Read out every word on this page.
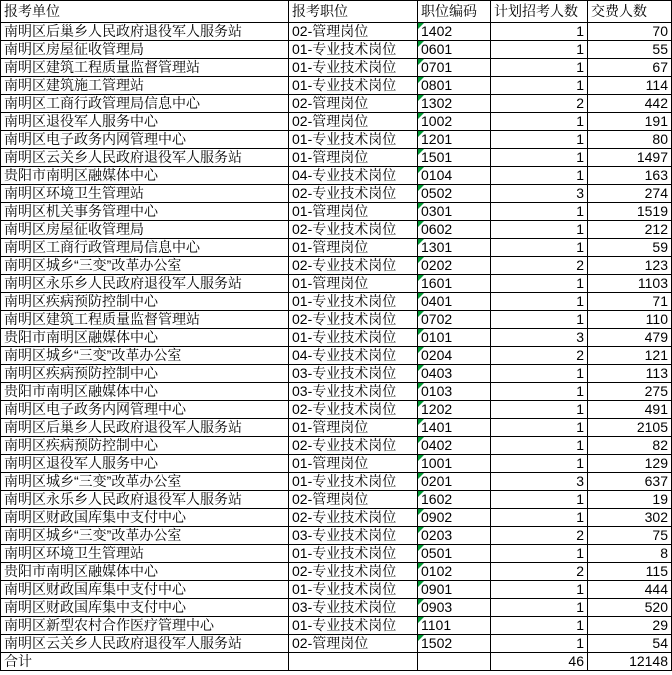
报考单位	报考职位	职位编码	计划招考人数	交费人数
南明区后巢乡人民政府退役军人服务站	02-管理岗位	1402	1	70
南明区房屋征收管理局	01-专业技术岗位	0601	1	55
南明区建筑工程质量监督管理站	01-专业技术岗位	0701	1	67
南明区建筑施工管理站	01-专业技术岗位	0801	1	114
南明区工商行政管理局信息中心	02-管理岗位	1302	2	442
南明区退役军人服务中心	02-管理岗位	1002	1	191
南明区电子政务内网管理中心	01-专业技术岗位	1201	1	80
南明区云关乡人民政府退役军人服务站	01-管理岗位	1501	1	1497
贵阳市南明区融媒体中心	04-专业技术岗位	0104	1	163
南明区环境卫生管理站	02-专业技术岗位	0502	3	274
南明区机关事务管理中心	01-管理岗位	0301	1	1519
南明区房屋征收管理局	02-专业技术岗位	0602	1	212
南明区工商行政管理局信息中心	01-管理岗位	1301	1	59
南明区城乡“三变”改革办公室	02-专业技术岗位	0202	2	123
南明区永乐乡人民政府退役军人服务站	01-管理岗位	1601	1	1103
南明区疾病预防控制中心	01-专业技术岗位	0401	1	71
南明区建筑工程质量监督管理站	02-专业技术岗位	0702	1	110
贵阳市南明区融媒体中心	01-专业技术岗位	0101	3	479
南明区城乡“三变”改革办公室	04-专业技术岗位	0204	2	121
南明区疾病预防控制中心	03-专业技术岗位	0403	1	113
贵阳市南明区融媒体中心	03-专业技术岗位	0103	1	275
南明区电子政务内网管理中心	02-专业技术岗位	1202	1	491
南明区后巢乡人民政府退役军人服务站	01-管理岗位	1401	1	2105
南明区疾病预防控制中心	02-专业技术岗位	0402	1	82
南明区退役军人服务中心	01-管理岗位	1001	1	129
南明区城乡“三变”改革办公室	01-专业技术岗位	0201	3	637
南明区永乐乡人民政府退役军人服务站	02-管理岗位	1602	1	19
南明区财政国库集中支付中心	02-专业技术岗位	0902	1	302
南明区城乡“三变”改革办公室	03-专业技术岗位	0203	2	75
南明区环境卫生管理站	01-专业技术岗位	0501	1	8
贵阳市南明区融媒体中心	02-专业技术岗位	0102	2	115
南明区财政国库集中支付中心	01-专业技术岗位	0901	1	444
南明区财政国库集中支付中心	03-专业技术岗位	0903	1	520
南明区新型农村合作医疗管理中心	01-专业技术岗位	1101	1	29
南明区云关乡人民政府退役军人服务站	02-管理岗位	1502	1	54
合计			46	12148
